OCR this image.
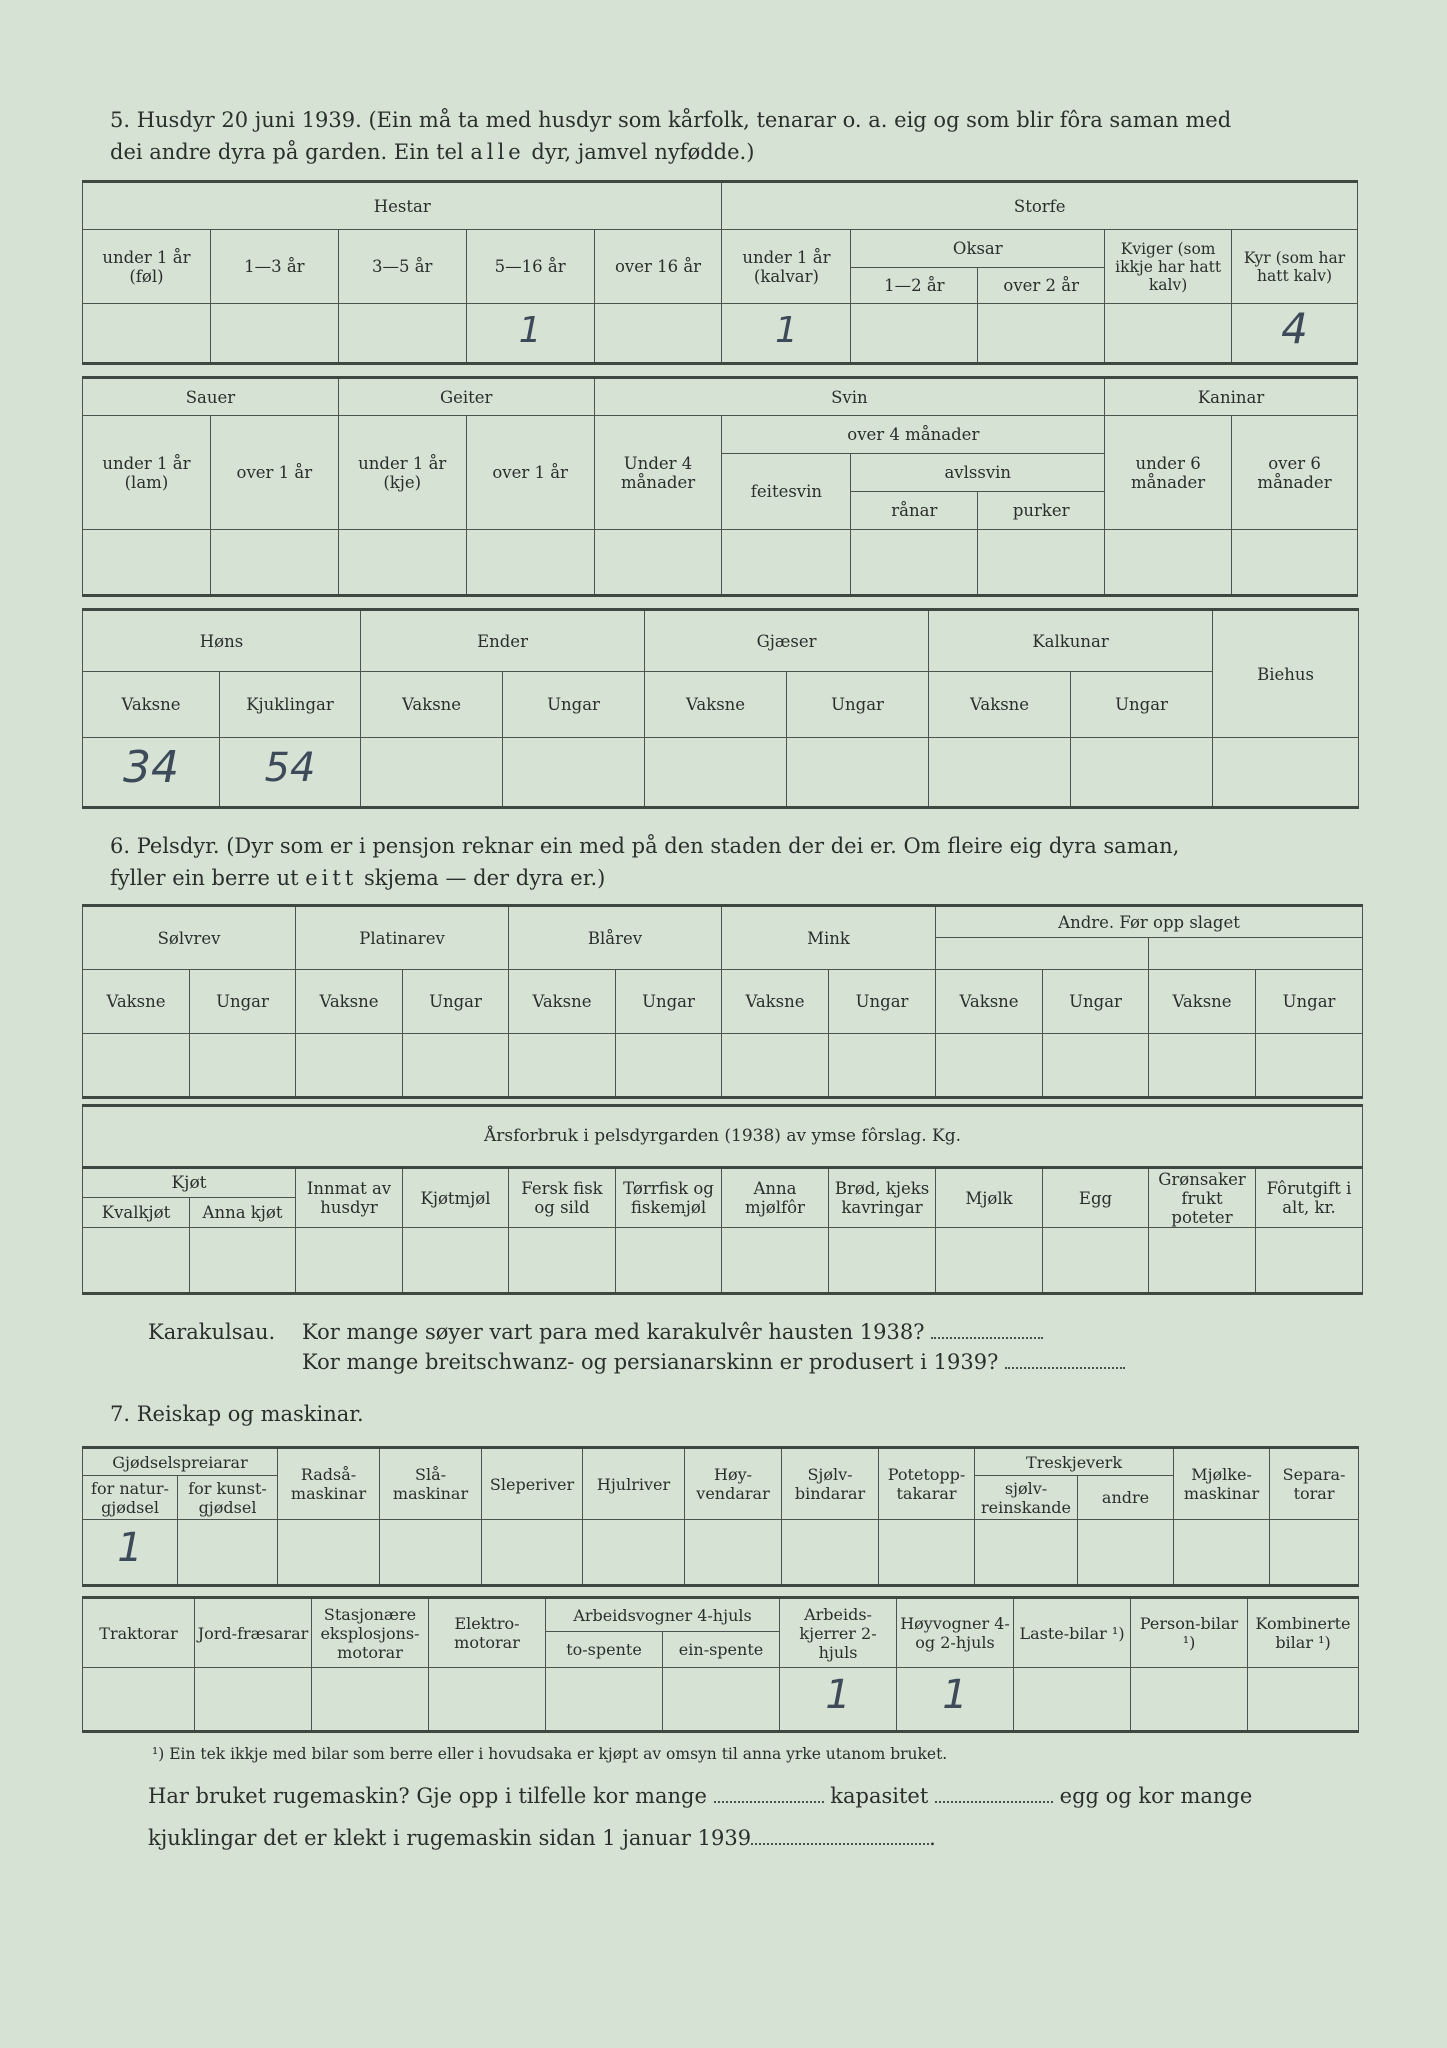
5. Husdyr 20 juni 1939. (Ein må ta med husdyr som kårfolk, tenarar o. a. eig og som blir fôra saman med
dei andre dyra på garden. Ein tel alle dyr, jamvel nyfødde.)
Hestar					Storfe				
under 1 år (føl)	1—3 år	3—5 år	5—16 år	over 16 år	under 1 år (kalvar)	Oksar		Kviger (som ikkje har hatt kalv)	Kyr (som har hatt kalv)
						1—2 år	over 2 år		
			1		1				4
Sauer		Geiter		Svin				Kaninar	
under 1 år (lam)	over 1 år	under 1 år (kje)	over 1 år	Under 4 månader	over 4 månader			under 6 månader	over 6 månader
					feitesvin	avlssvin			
						rånar	purker		

Høns		Ender		Gjæser		Kalkunar		Biehus
Vaksne	Kjuklingar	Vaksne	Ungar	Vaksne	Ungar	Vaksne	Ungar	
34	54							
6. Pelsdyr. (Dyr som er i pensjon reknar ein med på den staden der dei er. Om fleire eig dyra saman,
fyller ein berre ut eitt skjema — der dyra er.)
Sølvrev		Platinarev		Blårev		Mink		Andre. Før opp slaget			

Vaksne	Ungar	Vaksne	Ungar	Vaksne	Ungar	Vaksne	Ungar	Vaksne	Ungar	Vaksne	Ungar

Årsforbruk i pelsdyrgarden (1938) av ymse fôrslag. Kg.											
Kjøt		Innmat av husdyr	Kjøtmjøl	Fersk fisk og sild	Tørrfisk og fiskemjøl	Anna mjølfôr	Brød, kjeks kavringar	Mjølk	Egg	Grønsaker frukt poteter	Fôrutgift i alt, kr.
Kvalkjøt	Anna kjøt										

Karakulsau. Kor mange søyer vart para med karakulvêr hausten 1938?
Kor mange breitschwanz- og persianarskinn er produsert i 1939?
7. Reiskap og maskinar.
Gjødselspreiarar		Radså-maskinar	Slå-maskinar	Sleperiver	Hjulriver	Høy-vendarar	Sjølv-bindarar	Potetopp-takarar	Treskjeverk		Mjølke-maskinar	Separa-torar
for natur-gjødsel	for kunst-gjødsel								sjølv-reinskande	andre		
1												
Traktorar	Jord-fræsarar	Stasjonære eksplosjons-motorar	Elektro-motorar	Arbeidsvogner 4-hjuls		Arbeids-kjerrer 2-hjuls	Høyvogner 4- og 2-hjuls	Laste-bilar ¹)	Person-bilar ¹)	Kombinerte bilar ¹)
				to-spente	ein-spente					
						1	1			
¹) Ein tek ikkje med bilar som berre eller i hovudsaka er kjøpt av omsyn til anna yrke utanom bruket.
Har bruket rugemaskin? Gje opp i tilfelle kor mange	kapasitet	egg og kor mange
kjuklingar det er klekt i rugemaskin sidan 1 januar 1939	.
